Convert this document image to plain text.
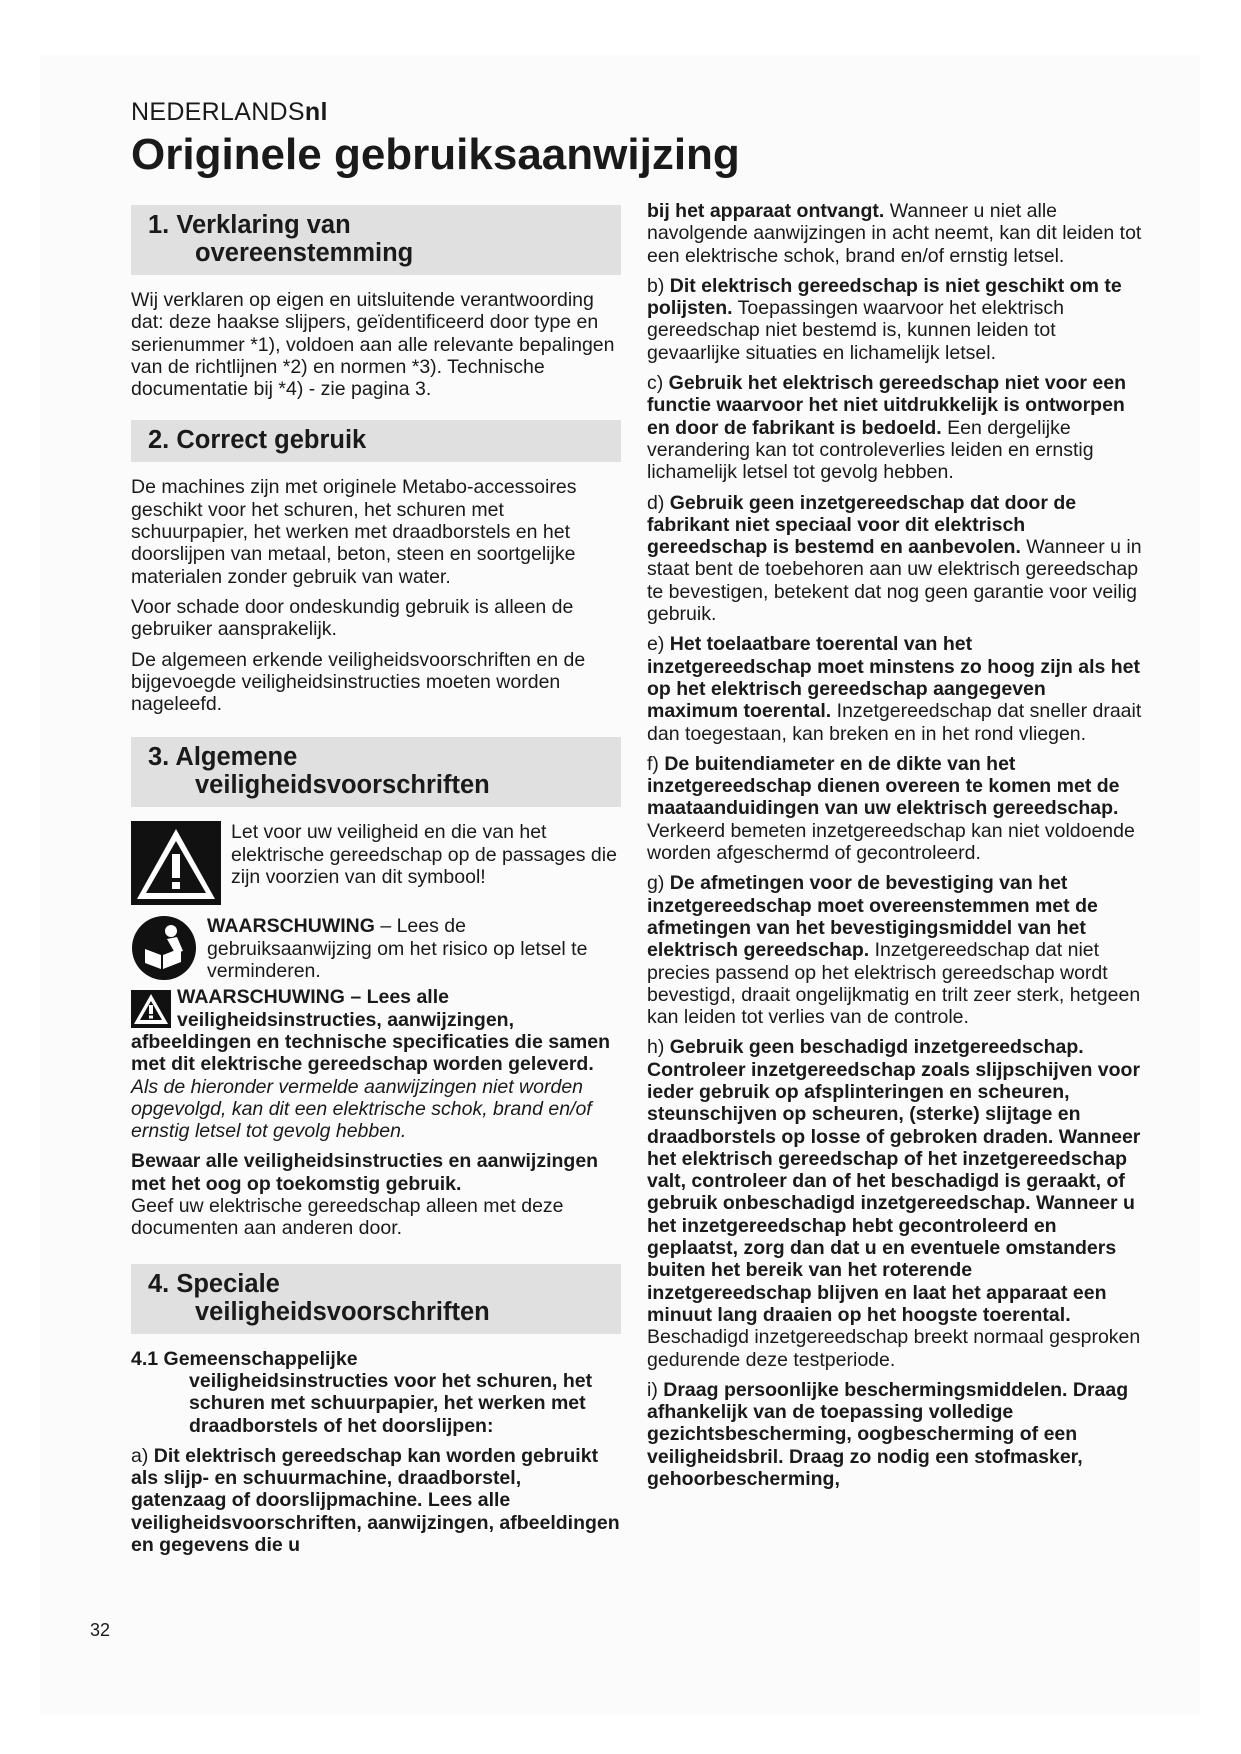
NEDERLANDSnl
Originele gebruiksaanwijzing
1. Verklaring van
overeenstemming

Wij verklaren op eigen en uitsluitende verantwoording dat: deze haakse slijpers, geïdentificeerd door type en serienummer *1), voldoen aan alle relevante bepalingen van de richtlijnen *2) en normen *3). Technische documentatie bij *4) - zie pagina 3.

2. Correct gebruik

De machines zijn met originele Metabo-accessoires geschikt voor het schuren, het schuren met schuurpapier, het werken met draadborstels en het doorslijpen van metaal, beton, steen en soortgelijke materialen zonder gebruik van water.

Voor schade door ondeskundig gebruik is alleen de gebruiker aansprakelijk.

De algemeen erkende veiligheidsvoorschriften en de bijgevoegde veiligheidsinstructies moeten worden nageleefd.

3. Algemene
veiligheidsvoorschriften
Let voor uw veiligheid en die van het elektrische gereedschap op de passages die zijn voorzien van dit symbool!
WAARSCHUWING – Lees de gebruiksaanwijzing om het risico op letsel te verminderen.

WAARSCHUWING – Lees alle veiligheidsinstructies, aanwijzingen, afbeeldingen en technische specificaties die samen met dit elektrische gereedschap worden geleverd. Als de hieronder vermelde aanwijzingen niet worden opgevolgd, kan dit een elektrische schok, brand en/of ernstig letsel tot gevolg hebben.

Bewaar alle veiligheidsinstructies en aanwijzingen met het oog op toekomstig gebruik.
Geef uw elektrische gereedschap alleen met deze documenten aan anderen door.

4. Speciale
veiligheidsvoorschriften

4.1 Gemeenschappelijke
veiligheidsinstructies voor het schuren, het schuren met schuurpapier, het werken met draadborstels of het doorslijpen:

a) Dit elektrisch gereedschap kan worden gebruikt als slijp- en schuurmachine, draadborstel, gatenzaag of doorslijpmachine. Lees alle veiligheidsvoorschriften, aanwijzingen, afbeeldingen en gegevens die u

bij het apparaat ontvangt. Wanneer u niet alle navolgende aanwijzingen in acht neemt, kan dit leiden tot een elektrische schok, brand en/of ernstig letsel.

b) Dit elektrisch gereedschap is niet geschikt om te polijsten. Toepassingen waarvoor het elektrisch gereedschap niet bestemd is, kunnen leiden tot gevaarlijke situaties en lichamelijk letsel.

c) Gebruik het elektrisch gereedschap niet voor een functie waarvoor het niet uitdrukkelijk is ontworpen en door de fabrikant is bedoeld. Een dergelijke verandering kan tot controleverlies leiden en ernstig lichamelijk letsel tot gevolg hebben.

d) Gebruik geen inzetgereedschap dat door de fabrikant niet speciaal voor dit elektrisch gereedschap is bestemd en aanbevolen. Wanneer u in staat bent de toebehoren aan uw elektrisch gereedschap te bevestigen, betekent dat nog geen garantie voor veilig gebruik.

e) Het toelaatbare toerental van het inzetgereedschap moet minstens zo hoog zijn als het op het elektrisch gereedschap aangegeven maximum toerental. Inzetgereedschap dat sneller draait dan toegestaan, kan breken en in het rond vliegen.

f) De buitendiameter en de dikte van het inzetgereedschap dienen overeen te komen met de maataanduidingen van uw elektrisch gereedschap. Verkeerd bemeten inzetgereedschap kan niet voldoende worden afgeschermd of gecontroleerd.

g) De afmetingen voor de bevestiging van het inzetgereedschap moet overeenstemmen met de afmetingen van het bevestigingsmiddel van het elektrisch gereedschap. Inzetgereedschap dat niet precies passend op het elektrisch gereedschap wordt bevestigd, draait ongelijkmatig en trilt zeer sterk, hetgeen kan leiden tot verlies van de controle.

h) Gebruik geen beschadigd inzetgereedschap. Controleer inzetgereedschap zoals slijpschijven voor ieder gebruik op afsplinteringen en scheuren, steunschijven op scheuren, (sterke) slijtage en draadborstels op losse of gebroken draden. Wanneer het elektrisch gereedschap of het inzetgereedschap valt, controleer dan of het beschadigd is geraakt, of gebruik onbeschadigd inzetgereedschap. Wanneer u het inzetgereedschap hebt gecontroleerd en geplaatst, zorg dan dat u en eventuele omstanders buiten het bereik van het roterende inzetgereedschap blijven en laat het apparaat een minuut lang draaien op het hoogste toerental. Beschadigd inzetgereedschap breekt normaal gesproken gedurende deze testperiode.

i) Draag persoonlijke beschermingsmiddelen. Draag afhankelijk van de toepassing volledige gezichtsbescherming, oogbescherming of een veiligheidsbril. Draag zo nodig een stofmasker, gehoorbescherming,

32
